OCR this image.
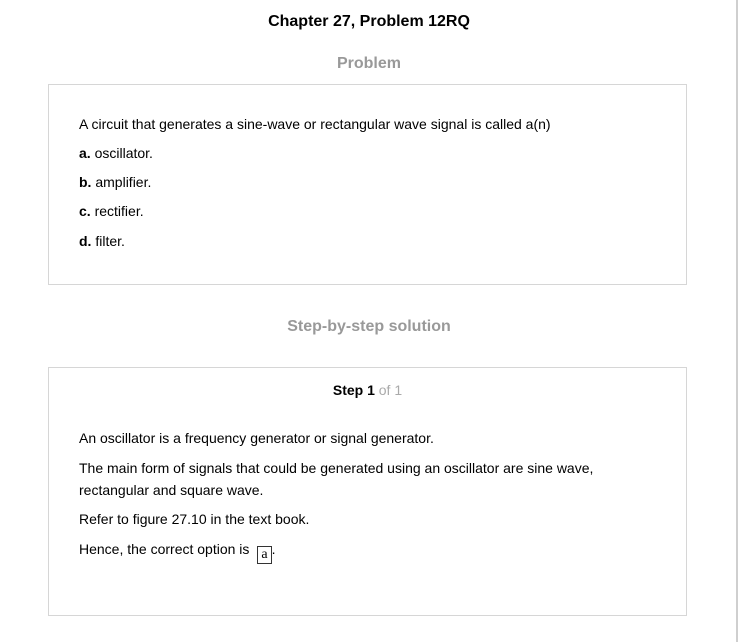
Chapter 27, Problem 12RQ
Problem
A circuit that generates a sine-wave or rectangular wave signal is called a(n)
a. oscillator.
b. amplifier.
c. rectifier.
d. filter.
Step-by-step solution
Step 1 of 1
An oscillator is a frequency generator or signal generator.
The main form of signals that could be generated using an oscillator are sine wave, rectangular and square wave.
Refer to figure 27.10 in the text book.
Hence, the correct option is a .
